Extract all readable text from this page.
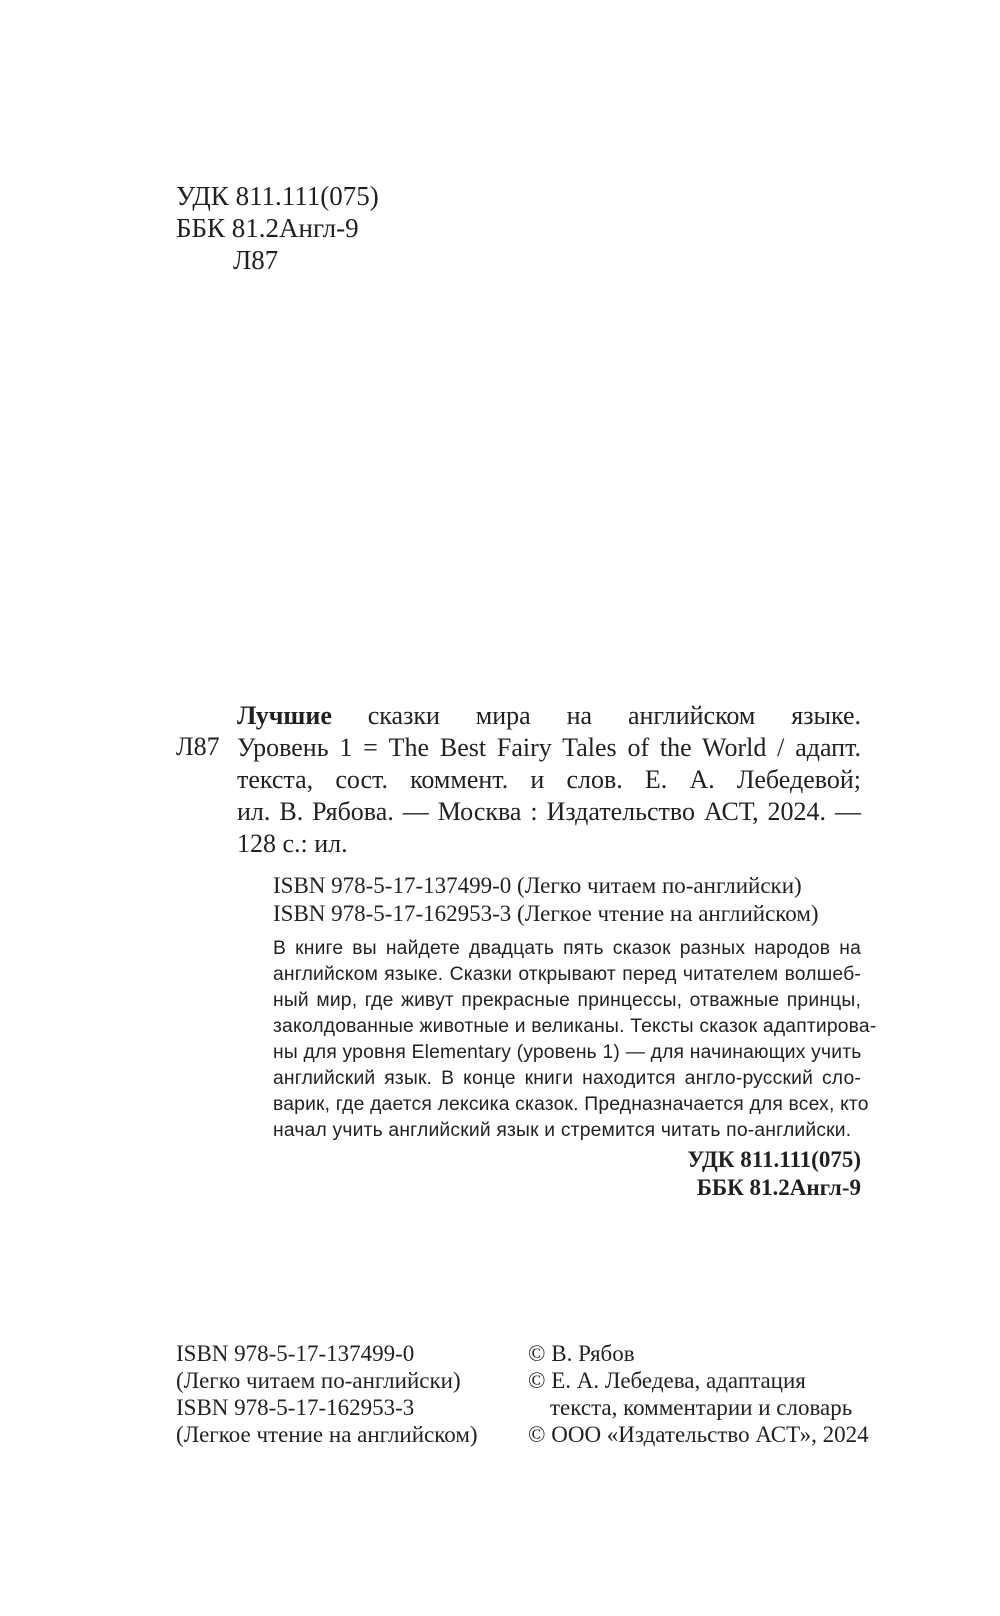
УДК 811.111(075)
ББК 81.2Англ-9
Л87
Л87
Лучшие сказки мира на английском языке.
Уровень 1 = The Best Fairy Tales of the World / адапт.
текста, сост. коммент. и слов. Е. А. Лебедевой;
ил. В. Рябова. — Москва : Издательство АСТ, 2024. —
128 с.: ил.
ISBN 978-5-17-137499-0 (Легко читаем по-английски)
ISBN 978-5-17-162953-3 (Легкое чтение на английском)
В книге вы найдете двадцать пять сказок разных народов на
английском языке. Сказки открывают перед читателем волшеб-
ный мир, где живут прекрасные принцессы, отважные принцы,
заколдованные животные и великаны. Тексты сказок адаптирова-
ны для уровня Elementary (уровень 1) — для начинающих учить
английский язык. В конце книги находится англо-русский сло-
варик, где дается лексика сказок. Предназначается для всех, кто
начал учить английский язык и стремится читать по-английски.
УДК 811.111(075)
ББК 81.2Англ-9
ISBN 978-5-17-137499-0
(Легко читаем по-английски)
ISBN 978-5-17-162953-3
(Легкое чтение на английском)
© В. Рябов
© Е. А. Лебедева, адаптация
текста, комментарии и словарь
© ООО «Издательство АСТ», 2024
